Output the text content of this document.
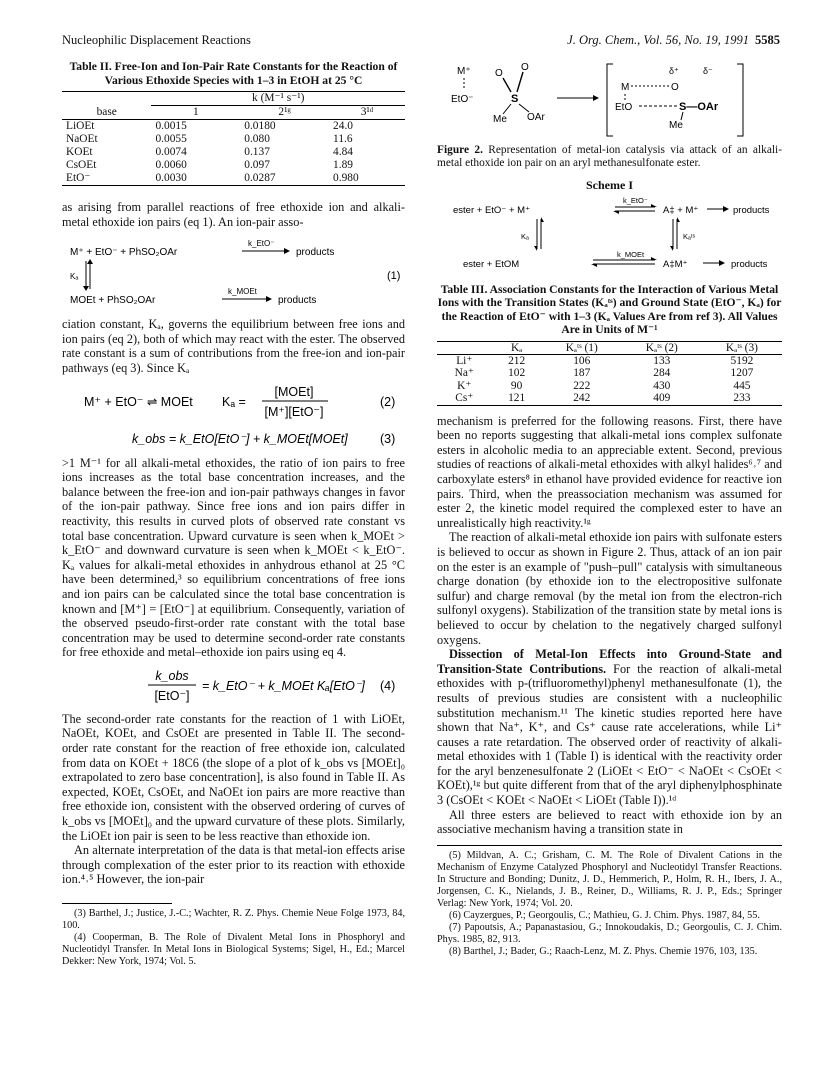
Nucleophilic Displacement Reactions	J. Org. Chem., Vol. 56, No. 19, 1991 5585
Table II. Free-Ion and Ion-Pair Rate Constants for the Reaction of Various Ethoxide Species with 1–3 in EtOH at 25 °C
	k (M⁻¹ s⁻¹)		
base	1	2¹ᵍ	3¹ᵈ
LiOEt	0.0015	0.0180	24.0
NaOEt	0.0055	0.080	11.6
KOEt	0.0074	0.137	4.84
CsOEt	0.0060	0.097	1.89
EtO⁻	0.0030	0.0287	0.980

as arising from parallel reactions of free ethoxide ion and alkali-metal ethoxide ion pairs (eq 1). An ion-pair asso-

M⁺ + EtO⁻ + PhSO₂OAr
k_EtO⁻
products
Kₐ
MOEt + PhSO₂OAr
k_MOEt
products
(1)

ciation constant, Kₐ, governs the equilibrium between free ions and ion pairs (eq 2), both of which may react with the ester. The observed rate constant is a sum of contributions from the free-ion and ion-pair pathways (eq 3). Since Kₐ

M⁺ + EtO⁻ ⇌ MOEt Kₐ =
[MOEt]
[M⁺][EtO⁻]
(2)
k_obs = k_EtO[EtO⁻] + k_MOEt[MOEt]	(3)

>1 M⁻¹ for all alkali-metal ethoxides, the ratio of ion pairs to free ions increases as the total base concentration increases, and the balance between the free-ion and ion-pair pathways changes in favor of the ion-pair pathway. Since free ions and ion pairs differ in reactivity, this results in curved plots of observed rate constant vs total base concentration. Upward curvature is seen when k_MOEt > k_EtO⁻ and downward curvature is seen when k_MOEt < k_EtO⁻. Kₐ values for alkali-metal ethoxides in anhydrous ethanol at 25 °C have been determined,³ so equilibrium concentrations of free ions and ion pairs can be calculated since the total base concentration is known and [M⁺] = [EtO⁻] at equilibrium. Consequently, variation of the observed pseudo-first-order rate constant with the total base concentration may be used to determine second-order rate constants for free ethoxide and metal–ethoxide ion pairs using eq 4.

k_obs
[EtO⁻]
= k_EtO⁻ + k_MOEt Kₐ[EtO⁻] (4)

The second-order rate constants for the reaction of 1 with LiOEt, NaOEt, KOEt, and CsOEt are presented in Table II. The second-order rate constant for the reaction of free ethoxide ion, calculated from data on KOEt + 18C6 (the slope of a plot of k_obs vs [MOEt]₀ extrapolated to zero base concentration], is also found in Table II. As expected, KOEt, CsOEt, and NaOEt ion pairs are more reactive than free ethoxide ion, consistent with the observed ordering of curves of k_obs vs [MOEt]₀ and the upward curvature of these plots. Similarly, the LiOEt ion pair is seen to be less reactive than ethoxide ion.

An alternate interpretation of the data is that metal-ion effects arise through complexation of the ester prior to its reaction with ethoxide ion.⁴˒⁵ However, the ion-pair

(3) Barthel, J.; Justice, J.-C.; Wachter, R. Z. Phys. Chemie Neue Folge 1973, 84, 100.

(4) Cooperman, B. The Role of Divalent Metal Ions in Phosphoryl and Nucleotidyl Transfer. In Metal Ions in Biological Systems; Sigel, H., Ed.; Marcel Dekker: New York, 1974; Vol. 5.

M⁺
EtO⁻
O
O
S
Me OAr
δ⁺	δ⁻
M	O
EtO	S—OAr
Me

Figure 2. Representation of metal-ion catalysis via attack of an alkali-metal ethoxide ion pair on an aryl methanesulfonate ester.

Scheme I
ester + EtO⁻ + M⁺
k_EtO⁻
A‡ + M⁺	products
Kₐ	Kₐᵗˢ
ester + EtOM
k_MOEt
A‡M⁺	products
Table III. Association Constants for the Interaction of Various Metal Ions with the Transition States (Kₐᵗˢ) and Ground State (EtO⁻, Kₐ) for the Reaction of EtO⁻ with 1–3 (Kₐ Values Are from ref 3). All Values Are in Units of M⁻¹
	Kₐ	Kₐᵗˢ (1)	Kₐᵗˢ (2)	Kₐᵗˢ (3)
Li⁺	212	106	133	5192
Na⁺	102	187	284	1207
K⁺	90	222	430	445
Cs⁺	121	242	409	233

mechanism is preferred for the following reasons. First, there have been no reports suggesting that alkali-metal ions complex sulfonate esters in alcoholic media to an appreciable extent. Second, previous studies of reactions of alkali-metal ethoxides with alkyl halides⁶˒⁷ and carboxylate esters⁸ in ethanol have provided evidence for reactive ion pairs. Third, when the preassociation mechanism was assumed for ester 2, the kinetic model required the complexed ester to have an unrealistically high reactivity.¹ᵍ

The reaction of alkali-metal ethoxide ion pairs with sulfonate esters is believed to occur as shown in Figure 2. Thus, attack of an ion pair on the ester is an example of "push–pull" catalysis with simultaneous charge donation (by ethoxide ion to the electropositive sulfonate sulfur) and charge removal (by the metal ion from the electron-rich sulfonyl oxygens). Stabilization of the transition state by metal ions is believed to occur by chelation to the negatively charged sulfonyl oxygens.

Dissection of Metal-Ion Effects into Ground-State and Transition-State Contributions. For the reaction of alkali-metal ethoxides with p-(trifluoromethyl)phenyl methanesulfonate (1), the results of previous studies are consistent with a nucleophilic substitution mechanism.¹¹ The kinetic studies reported here have shown that Na⁺, K⁺, and Cs⁺ cause rate accelerations, while Li⁺ causes a rate retardation. The observed order of reactivity of alkali-metal ethoxides with 1 (Table I) is identical with the reactivity order for the aryl benzenesulfonate 2 (LiOEt < EtO⁻ < NaOEt < CsOEt < KOEt),¹ᵍ but quite different from that of the aryl diphenylphosphinate 3 (CsOEt < KOEt < NaOEt < LiOEt (Table I)).¹ᵈ

All three esters are believed to react with ethoxide ion by an associative mechanism having a transition state in

(5) Mildvan, A. C.; Grisham, C. M. The Role of Divalent Cations in the Mechanism of Enzyme Catalyzed Phosphoryl and Nucleotidyl Transfer Reactions. In Structure and Bonding; Dunitz, J. D., Hemmerich, P., Holm, R. H., Ibers, J. A., Jorgensen, C. K., Nielands, J. B., Reiner, D., Williams, R. J. P., Eds.; Springer Verlag: New York, 1974; Vol. 20.

(6) Cayzergues, P.; Georgoulis, C.; Mathieu, G. J. Chim. Phys. 1987, 84, 55.

(7) Papoutsis, A.; Papanastasiou, G.; Innokoudakis, D.; Georgoulis, C. J. Chim. Phys. 1985, 82, 913.

(8) Barthel, J.; Bader, G.; Raach-Lenz, M. Z. Phys. Chemie 1976, 103, 135.
